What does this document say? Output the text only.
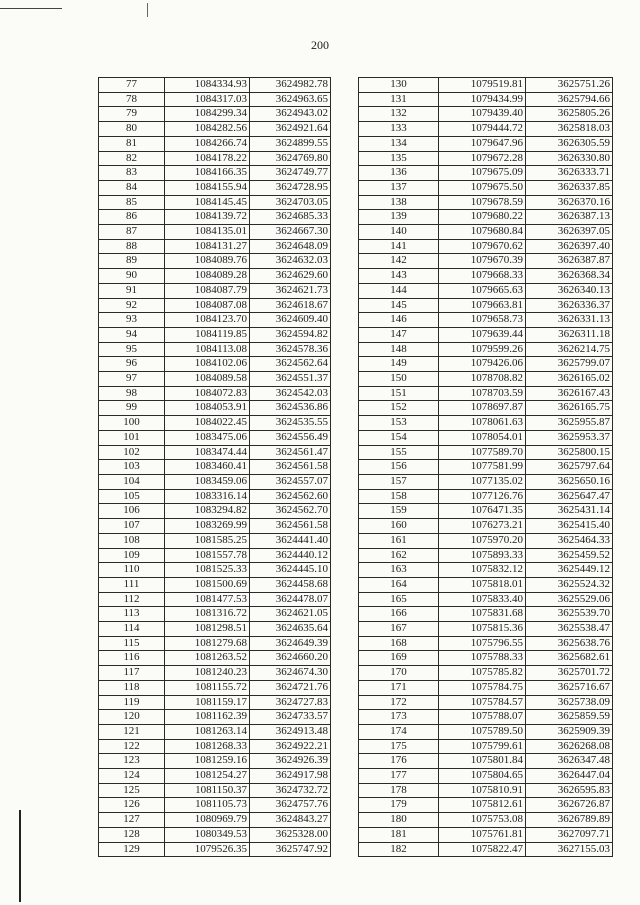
200
77	1084334.93	3624982.78
78	1084317.03	3624963.65
79	1084299.34	3624943.02
80	1084282.56	3624921.64
81	1084266.74	3624899.55
82	1084178.22	3624769.80
83	1084166.35	3624749.77
84	1084155.94	3624728.95
85	1084145.45	3624703.05
86	1084139.72	3624685.33
87	1084135.01	3624667.30
88	1084131.27	3624648.09
89	1084089.76	3624632.03
90	1084089.28	3624629.60
91	1084087.79	3624621.73
92	1084087.08	3624618.67
93	1084123.70	3624609.40
94	1084119.85	3624594.82
95	1084113.08	3624578.36
96	1084102.06	3624562.64
97	1084089.58	3624551.37
98	1084072.83	3624542.03
99	1084053.91	3624536.86
100	1084022.45	3624535.55
101	1083475.06	3624556.49
102	1083474.44	3624561.47
103	1083460.41	3624561.58
104	1083459.06	3624557.07
105	1083316.14	3624562.60
106	1083294.82	3624562.70
107	1083269.99	3624561.58
108	1081585.25	3624441.40
109	1081557.78	3624440.12
110	1081525.33	3624445.10
111	1081500.69	3624458.68
112	1081477.53	3624478.07
113	1081316.72	3624621.05
114	1081298.51	3624635.64
115	1081279.68	3624649.39
116	1081263.52	3624660.20
117	1081240.23	3624674.30
118	1081155.72	3624721.76
119	1081159.17	3624727.83
120	1081162.39	3624733.57
121	1081263.14	3624913.48
122	1081268.33	3624922.21
123	1081259.16	3624926.39
124	1081254.27	3624917.98
125	1081150.37	3624732.72
126	1081105.73	3624757.76
127	1080969.79	3624843.27
128	1080349.53	3625328.00
129	1079526.35	3625747.92
130	1079519.81	3625751.26
131	1079434.99	3625794.66
132	1079439.40	3625805.26
133	1079444.72	3625818.03
134	1079647.96	3626305.59
135	1079672.28	3626330.80
136	1079675.09	3626333.71
137	1079675.50	3626337.85
138	1079678.59	3626370.16
139	1079680.22	3626387.13
140	1079680.84	3626397.05
141	1079670.62	3626397.40
142	1079670.39	3626387.87
143	1079668.33	3626368.34
144	1079665.63	3626340.13
145	1079663.81	3626336.37
146	1079658.73	3626331.13
147	1079639.44	3626311.18
148	1079599.26	3626214.75
149	1079426.06	3625799.07
150	1078708.82	3626165.02
151	1078703.59	3626167.43
152	1078697.87	3626165.75
153	1078061.63	3625955.87
154	1078054.01	3625953.37
155	1077589.70	3625800.15
156	1077581.99	3625797.64
157	1077135.02	3625650.16
158	1077126.76	3625647.47
159	1076471.35	3625431.14
160	1076273.21	3625415.40
161	1075970.20	3625464.33
162	1075893.33	3625459.52
163	1075832.12	3625449.12
164	1075818.01	3625524.32
165	1075833.40	3625529.06
166	1075831.68	3625539.70
167	1075815.36	3625538.47
168	1075796.55	3625638.76
169	1075788.33	3625682.61
170	1075785.82	3625701.72
171	1075784.75	3625716.67
172	1075784.57	3625738.09
173	1075788.07	3625859.59
174	1075789.50	3625909.39
175	1075799.61	3626268.08
176	1075801.84	3626347.48
177	1075804.65	3626447.04
178	1075810.91	3626595.83
179	1075812.61	3626726.87
180	1075753.08	3626789.89
181	1075761.81	3627097.71
182	1075822.47	3627155.03
